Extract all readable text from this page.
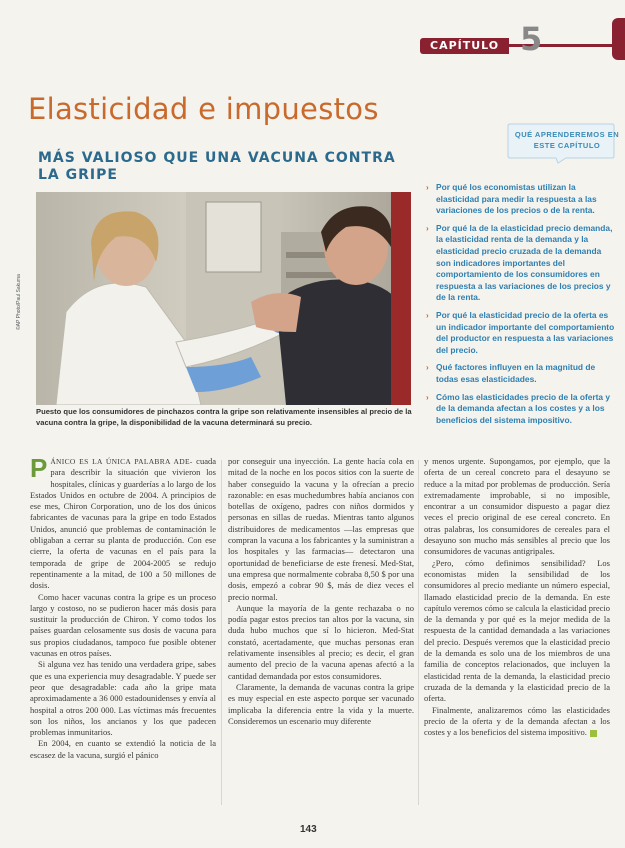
CAPÍTULO 5
Elasticidad e impuestos
MÁS VALIOSO QUE UNA VACUNA CONTRA LA GRIPE
©AP Photo/Paul Sakuma
Puesto que los consumidores de pinchazos contra la gripe son relativamente insensibles al precio de la vacuna contra la gripe, la disponibilidad de la vacuna determinará su precio.
QUÉ APRENDEREMOS EN ESTE CAPÍTULO
› Por qué los economistas utilizan la elasticidad para medir la respuesta a las variaciones de los precios o de la renta.
› Por qué la de la elasticidad precio demanda, la elasticidad renta de la demanda y la elasticidad precio cruzada de la demanda son indicadores importantes del comportamiento de los consumidores en respuesta a las variaciones de los precios y de la renta.
› Por qué la elasticidad precio de la oferta es un indicador importante del comportamiento del productor en respuesta a las variaciones del precio.
› Qué factores influyen en la magnitud de todas esas elasticidades.
› Cómo las elasticidades precio de la oferta y de la demanda afectan a los costes y a los beneficios del sistema impositivo.

PÁNICO ES LA ÚNICA PALABRA ADE- cuada para describir la situación que vivieron los hospitales, clínicas y guarderías a lo largo de los Estados Unidos en octubre de 2004. A principios de ese mes, Chiron Corporation, uno de los dos únicos fabricantes de vacunas para la gripe en todo Estados Unidos, anunció que problemas de contaminación le obligaban a cerrar su planta de producción. Con ese cierre, la oferta de vacunas en el país para la temporada de gripe de 2004-2005 se redujo repentinamente a la mitad, de 100 a 50 millones de dosis.

Como hacer vacunas contra la gripe es un proceso largo y costoso, no se pudieron hacer más dosis para sustituir la producción de Chiron. Y como todos los países guardan celosamente sus dosis de vacuna para sus propios ciudadanos, tampoco fue posible obtener vacunas en otros países.

Si alguna vez has tenido una verdadera gripe, sabes que es una experiencia muy desagradable. Y puede ser peor que desagradable: cada año la gripe mata aproximadamente a 36 000 estadounidenses y envía al hospital a otros 200 000. Las víctimas más frecuentes son los niños, los ancianos y los que padecen problemas inmunitarios.

En 2004, en cuanto se extendió la noticia de la escasez de la vacuna, surgió el pánico

por conseguir una inyección. La gente hacía cola en mitad de la noche en los pocos sitios con la suerte de haber conseguido la vacuna y la ofrecían a precio razonable: en esas muchedumbres había ancianos con botellas de oxígeno, padres con niños dormidos y personas en sillas de ruedas. Mientras tanto algunos distribuidores de medicamentos —las empresas que compran la vacuna a los fabricantes y la suministran a los hospitales y las farmacias— detectaron una oportunidad de beneficiarse de este frenesí. Med-Stat, una empresa que normalmente cobraba 8,50 $ por una dosis, empezó a cobrar 90 $, más de diez veces el precio normal.

Aunque la mayoría de la gente rechazaba o no podía pagar estos precios tan altos por la vacuna, sin duda hubo muchos que sí lo hicieron. Med-Stat constató, acertadamente, que muchas personas eran relativamente insensibles al precio; es decir, el gran aumento del precio de la vacuna apenas afectó a la cantidad demandada por estos consumidores.

Claramente, la demanda de vacunas contra la gripe es muy especial en este aspecto porque ser vacunado implicaba la diferencia entre la vida y la muerte. Consideremos un escenario muy diferente

y menos urgente. Supongamos, por ejemplo, que la oferta de un cereal concreto para el desayuno se reduce a la mitad por problemas de producción. Sería extremadamente improbable, si no imposible, encontrar a un consumidor dispuesto a pagar diez veces el precio original de ese cereal concreto. En otras palabras, los consumidores de cereales para el desayuno son mucho más sensibles al precio que los consumidores de vacunas antigripales.

¿Pero, cómo definimos sensibilidad? Los economistas miden la sensibilidad de los consumidores al precio mediante un número especial, llamado elasticidad precio de la demanda. En este capítulo veremos cómo se calcula la elasticidad precio de la demanda y por qué es la mejor medida de la respuesta de la cantidad demandada a las variaciones del precio. Después veremos que la elasticidad precio de la demanda es solo una de los miembros de una familia de conceptos relacionados, que incluyen la elasticidad renta de la demanda, la elasticidad precio cruzada de la demanda y la elasticidad precio de la oferta.

Finalmente, analizaremos cómo las elasticidades precio de la oferta y de la demanda afectan a los costes y a los beneficios del sistema impositivo.

143
